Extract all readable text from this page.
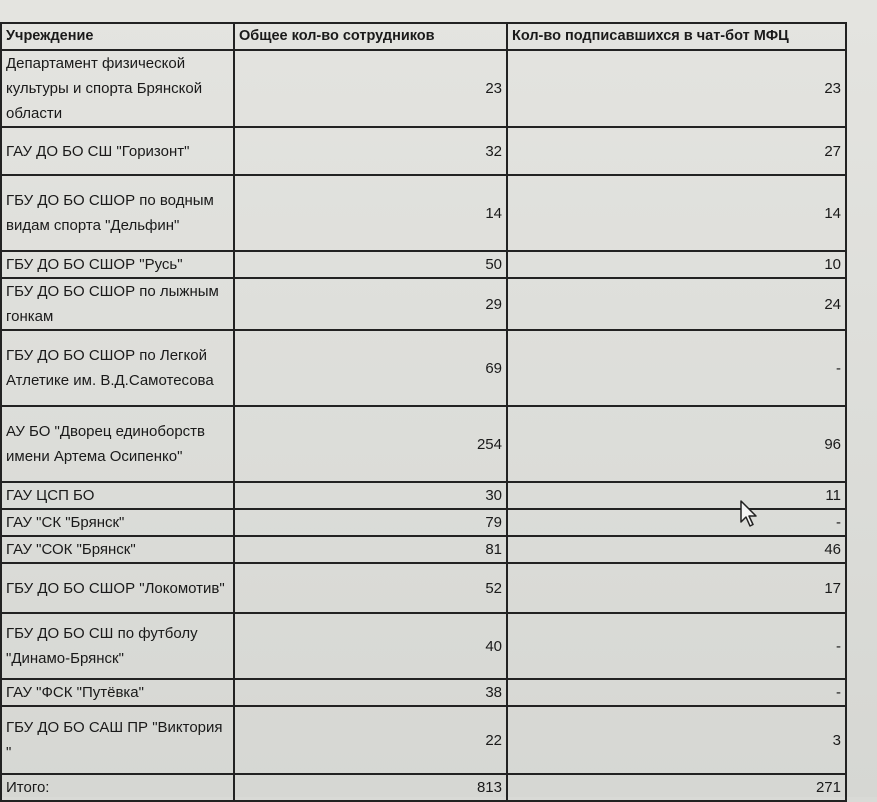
Учреждение	Общее кол-во сотрудников	Кол-во подписавшихся в чат-бот МФЦ
Департамент физической культуры и спорта Брянской области	23	23
ГАУ ДО БО СШ "Горизонт"	32	27
ГБУ ДО БО СШОР по водным видам спорта "Дельфин"	14	14
ГБУ ДО БО СШОР "Русь"	50	10
ГБУ ДО БО СШОР по лыжным гонкам	29	24
ГБУ ДО БО СШОР по Легкой Атлетике им. В.Д.Самотесова	69	-
АУ БО "Дворец единоборств имени Артема Осипенко"	254	96
ГАУ ЦСП БО	30	11
ГАУ "СК "Брянск"	79	-
ГАУ "СОК "Брянск"	81	46
ГБУ ДО БО СШОР "Локомотив"	52	17
ГБУ ДО БО СШ по футболу "Динамо-Брянск"	40	-
ГАУ "ФСК "Путёвка"	38	-
ГБУ ДО БО САШ ПР "Виктория "	22	3
Итого:	813	271
